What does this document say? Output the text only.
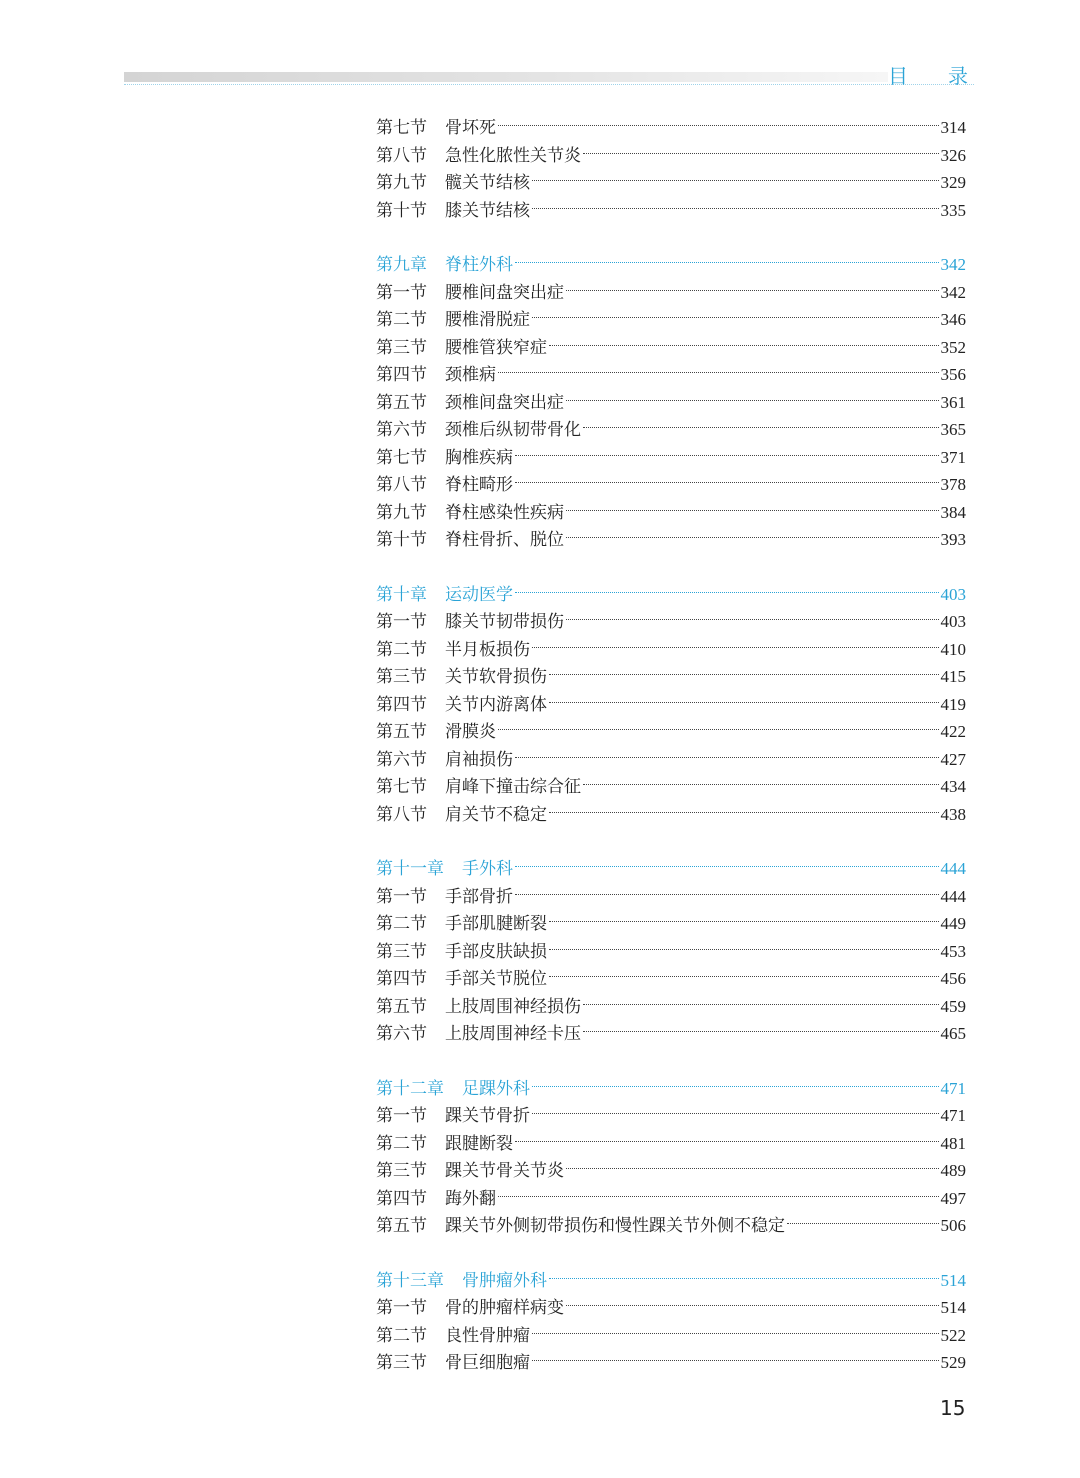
目 录
第七节 骨坏死	314
第八节 急性化脓性关节炎	326
第九节 髋关节结核	329
第十节 膝关节结核	335
第九章 脊柱外科	342
第一节 腰椎间盘突出症	342
第二节 腰椎滑脱症	346
第三节 腰椎管狭窄症	352
第四节 颈椎病	356
第五节 颈椎间盘突出症	361
第六节 颈椎后纵韧带骨化	365
第七节 胸椎疾病	371
第八节 脊柱畸形	378
第九节 脊柱感染性疾病	384
第十节 脊柱骨折、脱位	393
第十章 运动医学	403
第一节 膝关节韧带损伤	403
第二节 半月板损伤	410
第三节 关节软骨损伤	415
第四节 关节内游离体	419
第五节 滑膜炎	422
第六节 肩袖损伤	427
第七节 肩峰下撞击综合征	434
第八节 肩关节不稳定	438
第十一章 手外科	444
第一节 手部骨折	444
第二节 手部肌腱断裂	449
第三节 手部皮肤缺损	453
第四节 手部关节脱位	456
第五节 上肢周围神经损伤	459
第六节 上肢周围神经卡压	465
第十二章 足踝外科	471
第一节 踝关节骨折	471
第二节 跟腱断裂	481
第三节 踝关节骨关节炎	489
第四节 踇外翻	497
第五节 踝关节外侧韧带损伤和慢性踝关节外侧不稳定	506
第十三章 骨肿瘤外科	514
第一节 骨的肿瘤样病变	514
第二节 良性骨肿瘤	522
第三节 骨巨细胞瘤	529
15
